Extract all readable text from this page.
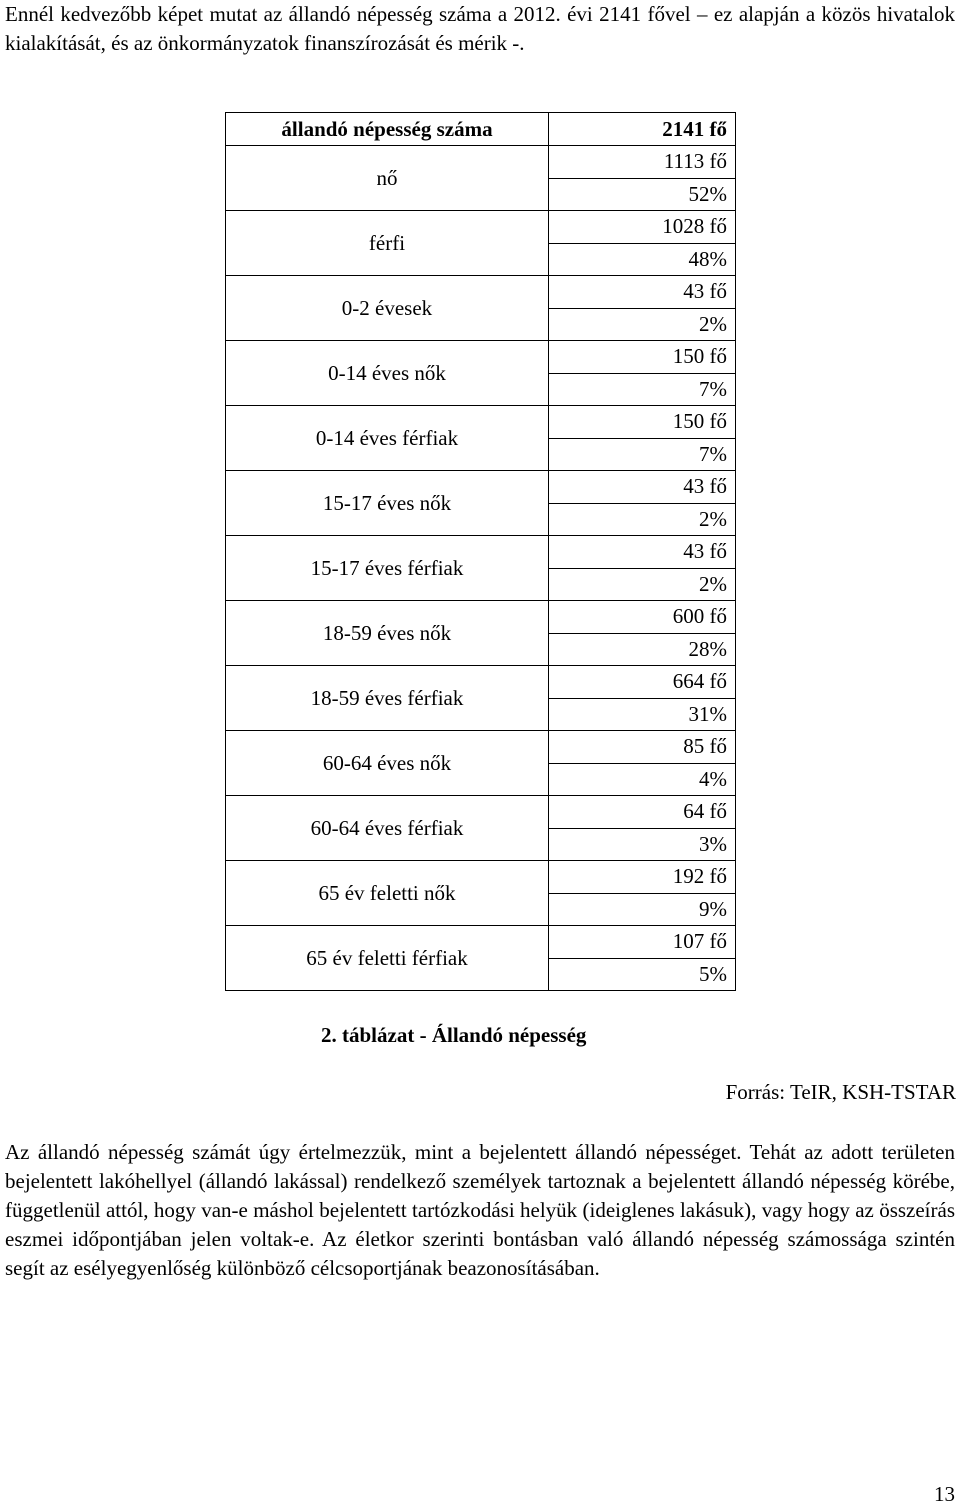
Ennél kedvezőbb képet mutat az állandó népesség száma a 2012. évi 2141 fővel – ez alapján a közös hivatalok kialakítását, és az önkormányzatok finanszírozását és mérik -.

állandó népesség száma	2141 fő
nő	1113 fő
	52%
férfi	1028 fő
	48%
0-2 évesek	43 fő
	2%
0-14 éves nők	150 fő
	7%
0-14 éves férfiak	150 fő
	7%
15-17 éves nők	43 fő
	2%
15-17 éves férfiak	43 fő
	2%
18-59 éves nők	600 fő
	28%
18-59 éves férfiak	664 fő
	31%
60-64 éves nők	85 fő
	4%
60-64 éves férfiak	64 fő
	3%
65 év feletti nők	192 fő
	9%
65 év feletti férfiak	107 fő
	5%
2. táblázat - Állandó népesség
Forrás: TeIR, KSH-TSTAR

Az állandó népesség számát úgy értelmezzük, mint a bejelentett állandó népességet. Tehát az adott területen bejelentett lakóhellyel (állandó lakással) rendelkező személyek tartoznak a bejelentett állandó népesség körébe, függetlenül attól, hogy van-e máshol bejelentett tartózkodási helyük (ideiglenes lakásuk), vagy hogy az összeírás eszmei időpontjában jelen voltak-e. Az életkor szerinti bontásban való állandó népesség számossága szintén segít az esélyegyenlőség különböző célcsoportjának beazonosításában.

13
